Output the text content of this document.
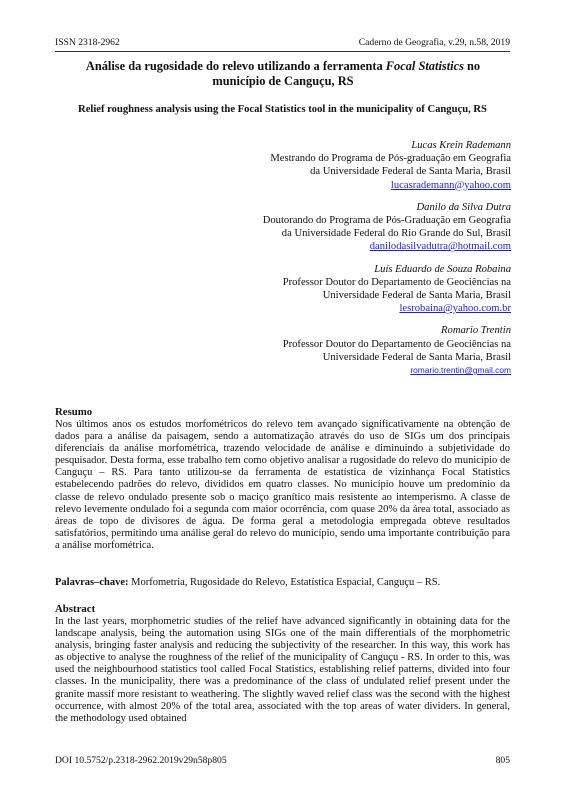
ISSN 2318-2962	Caderno de Geografia, v.29, n.58, 2019
Análise da rugosidade do relevo utilizando a ferramenta Focal Statistics no município de Canguçu, RS
Relief roughness analysis using the Focal Statistics tool in the municipality of Canguçu, RS
Lucas Krein Rademann
Mestrando do Programa de Pós-graduação em Geografia
da Universidade Federal de Santa Maria, Brasil
lucasrademann@yahoo.com
Danilo da Silva Dutra
Doutorando do Programa de Pós-Graduação em Geografia
da Universidade Federal do Rio Grande do Sul, Brasil
danilodasilvadutra@hotmail.com
Luís Eduardo de Souza Robaina
Professor Doutor do Departamento de Geociências na
Universidade Federal de Santa Maria, Brasil
lesrobaina@yahoo.com.br
Romario Trentin
Professor Doutor do Departamento de Geociências na
Universidade Federal de Santa Maria, Brasil
romario.trentin@gmail.com
Resumo
Nos últimos anos os estudos morfométricos do relevo tem avançado significativamente na obtenção de dados para a análise da paisagem, sendo a automatização através do uso de SIGs um dos principais diferenciais da análise morfométrica, trazendo velocidade de análise e diminuindo a subjetividade do pesquisador. Desta forma, esse trabalho tem como objetivo analisar a rugosidade do relevo do município de Canguçu – RS. Para tanto utilizou-se da ferramenta de estatística de vizinhança Focal Statistics estabelecendo padrões do relevo, divididos em quatro classes. No município houve um predomínio da classe de relevo ondulado presente sob o maciço granítico mais resistente ao intemperismo. A classe de relevo levemente ondulado foi a segunda com maior ocorrência, com quase 20% da área total, associado as áreas de topo de divisores de água. De forma geral a metodologia empregada obteve resultados satisfatórios, permitindo uma análise geral do relevo do município, sendo uma importante contribuição para a análise morfométrica.
Palavras–chave: Morfometria, Rugosidade do Relevo, Estatística Espacial, Canguçu – RS.
Abstract
In the last years, morphometric studies of the relief have advanced significantly in obtaining data for the landscape analysis, being the automation using SIGs one of the main differentials of the morphometric analysis, bringing faster analysis and reducing the subjectivity of the researcher. In this way, this work has as objective to analyse the roughness of the relief of the municipality of Canguçu - RS. In order to this, was used the neighbourhood statistics tool called Focal Statistics, establishing relief patterns, divided into four classes. In the municipality, there was a predominance of the class of undulated relief present under the granite massif more resistant to weathering. The slightly waved relief class was the second with the highest occurrence, with almost 20% of the total area, associated with the top areas of water dividers. In general, the methodology used obtained
DOI 10.5752/p.2318-2962.2019v29n58p805	805
